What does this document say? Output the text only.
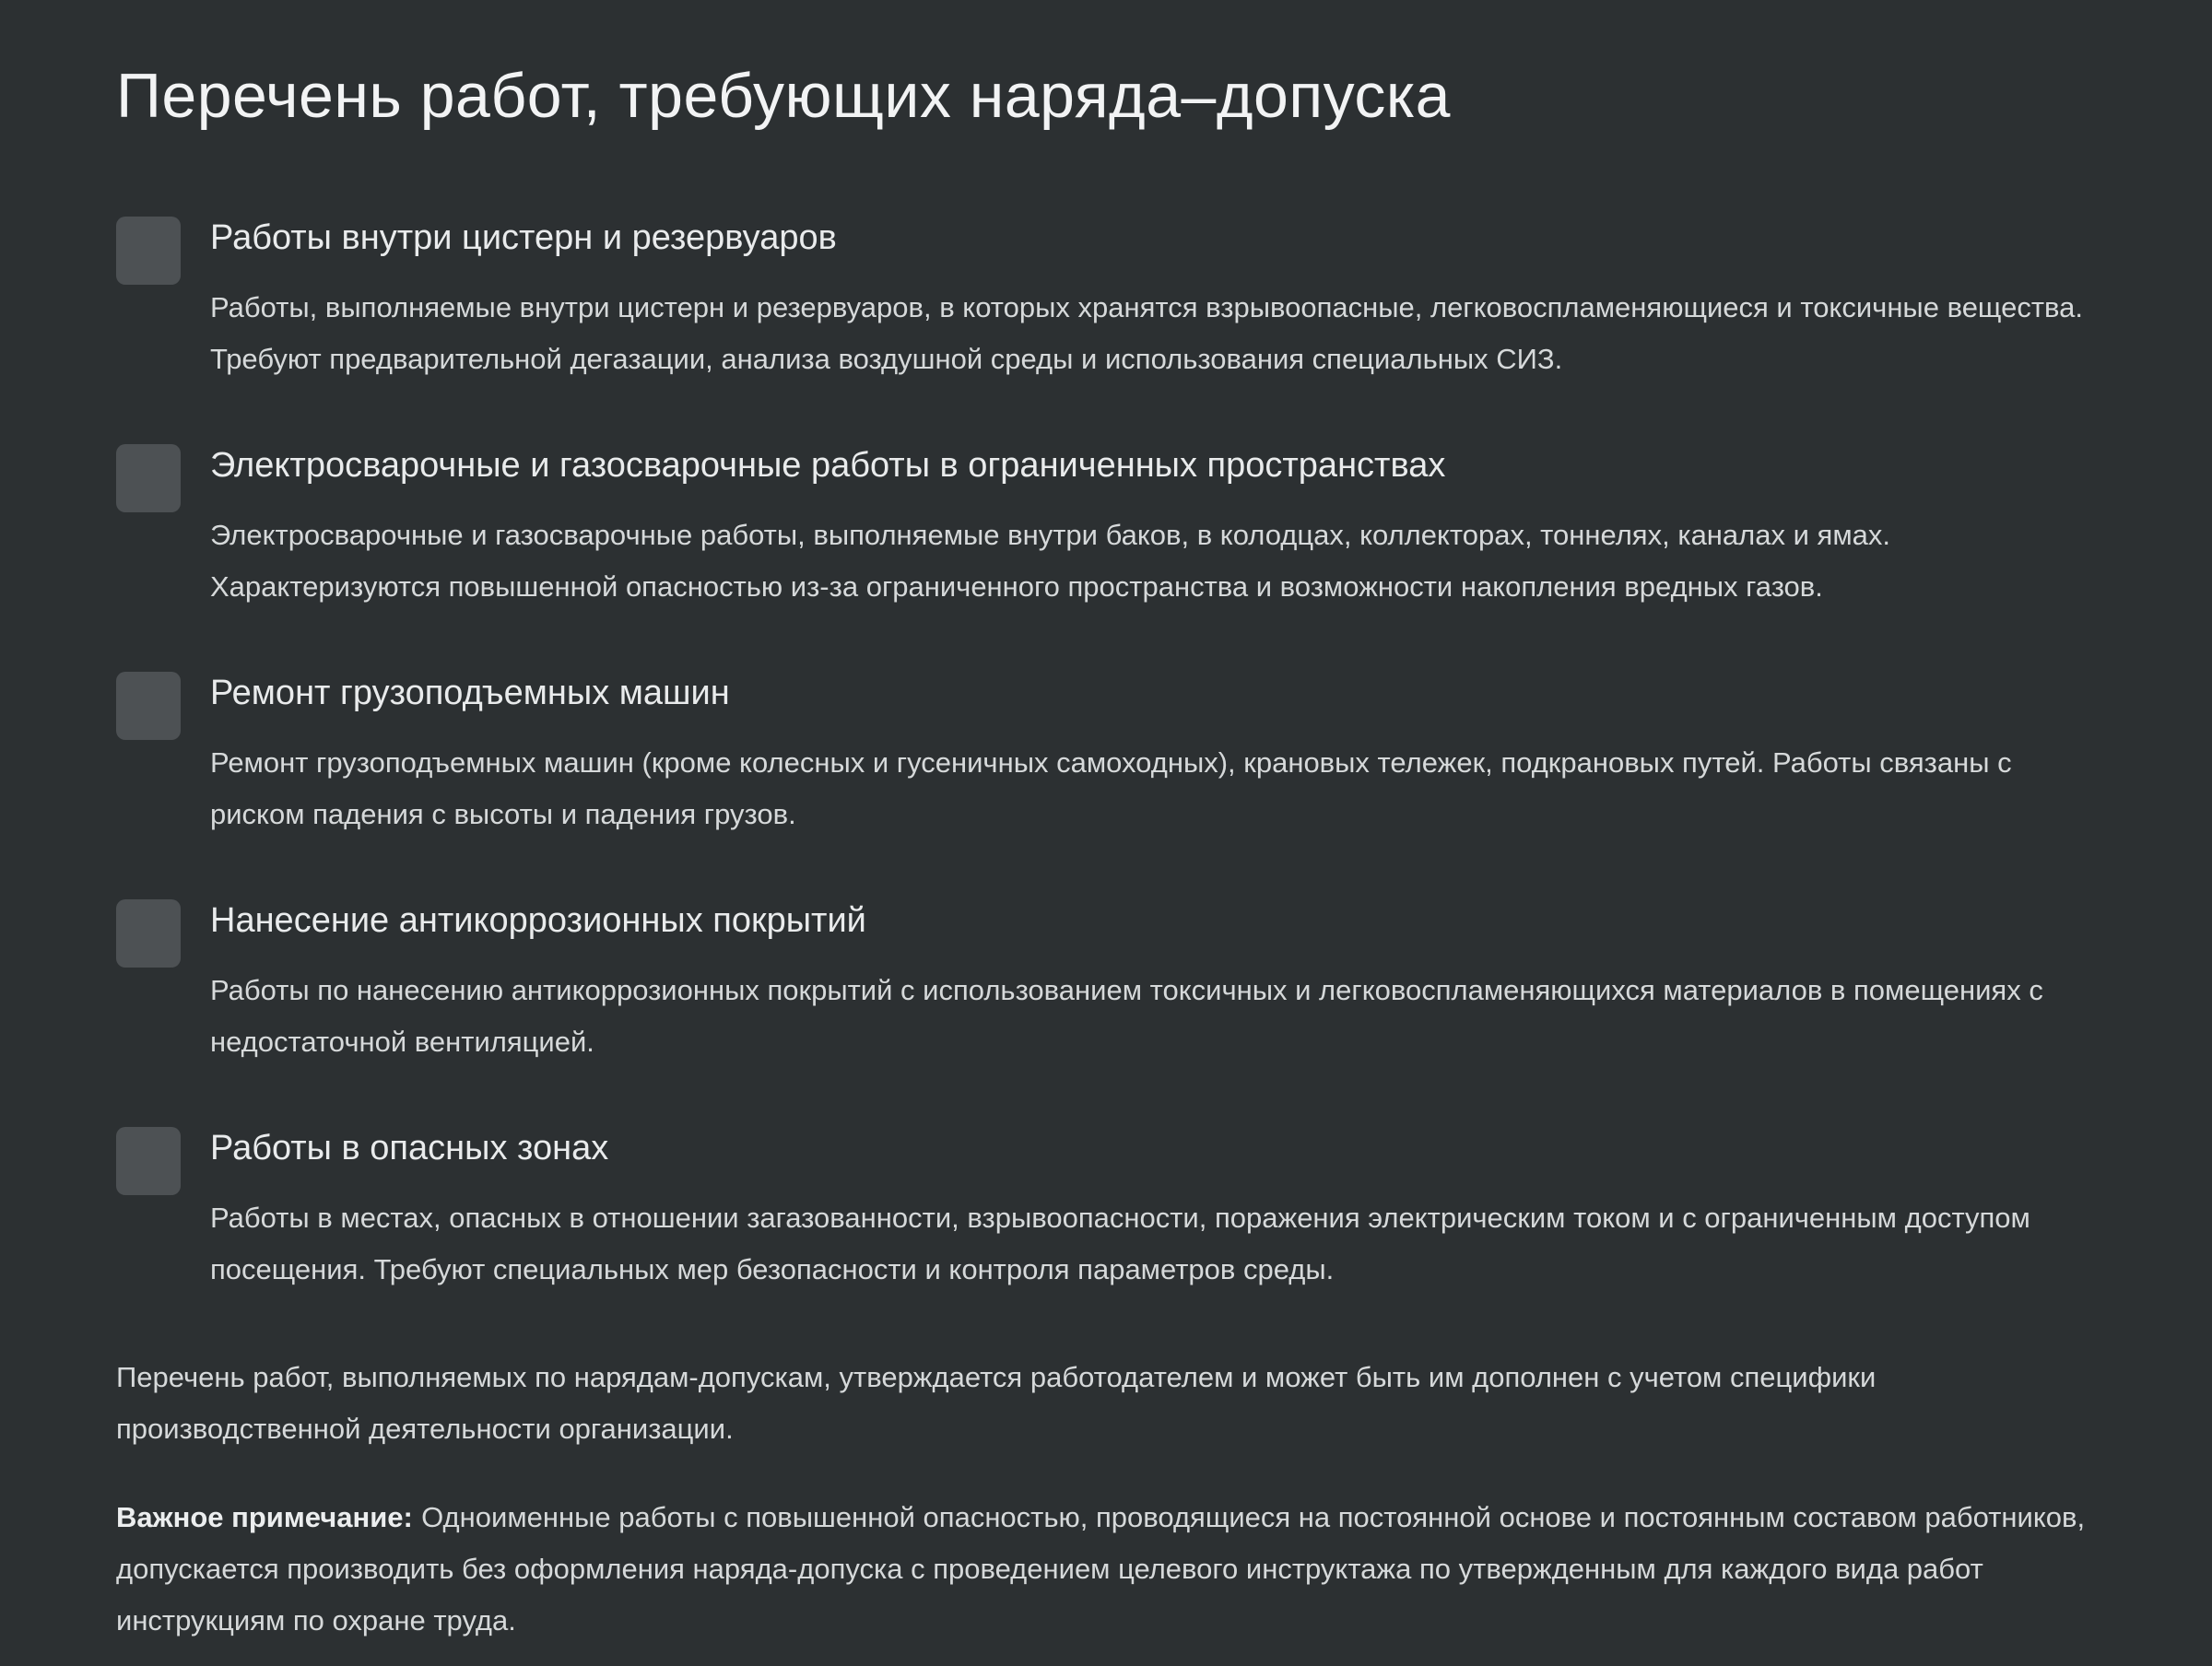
Перечень работ, требующих наряда–допуска
Работы внутри цистерн и резервуаров
Работы, выполняемые внутри цистерн и резервуаров, в которых хранятся взрывоопасные, легковоспламеняющиеся и токсичные вещества. Требуют предварительной дегазации, анализа воздушной среды и использования специальных СИЗ.
Электросварочные и газосварочные работы в ограниченных пространствах
Электросварочные и газосварочные работы, выполняемые внутри баков, в колодцах, коллекторах, тоннелях, каналах и ямах. Характеризуются повышенной опасностью из-за ограниченного пространства и возможности накопления вредных газов.
Ремонт грузоподъемных машин
Ремонт грузоподъемных машин (кроме колесных и гусеничных самоходных), крановых тележек, подкрановых путей. Работы связаны с риском падения с высоты и падения грузов.
Нанесение антикоррозионных покрытий
Работы по нанесению антикоррозионных покрытий с использованием токсичных и легковоспламеняющихся материалов в помещениях с недостаточной вентиляцией.
Работы в опасных зонах
Работы в местах, опасных в отношении загазованности, взрывоопасности, поражения электрическим током и с ограниченным доступом посещения. Требуют специальных мер безопасности и контроля параметров среды.

Перечень работ, выполняемых по нарядам-допускам, утверждается работодателем и может быть им дополнен с учетом специфики производственной деятельности организации.

Важное примечание: Одноименные работы с повышенной опасностью, проводящиеся на постоянной основе и постоянным составом работников, допускается производить без оформления наряда-допуска с проведением целевого инструктажа по утвержденным для каждого вида работ инструкциям по охране труда.
